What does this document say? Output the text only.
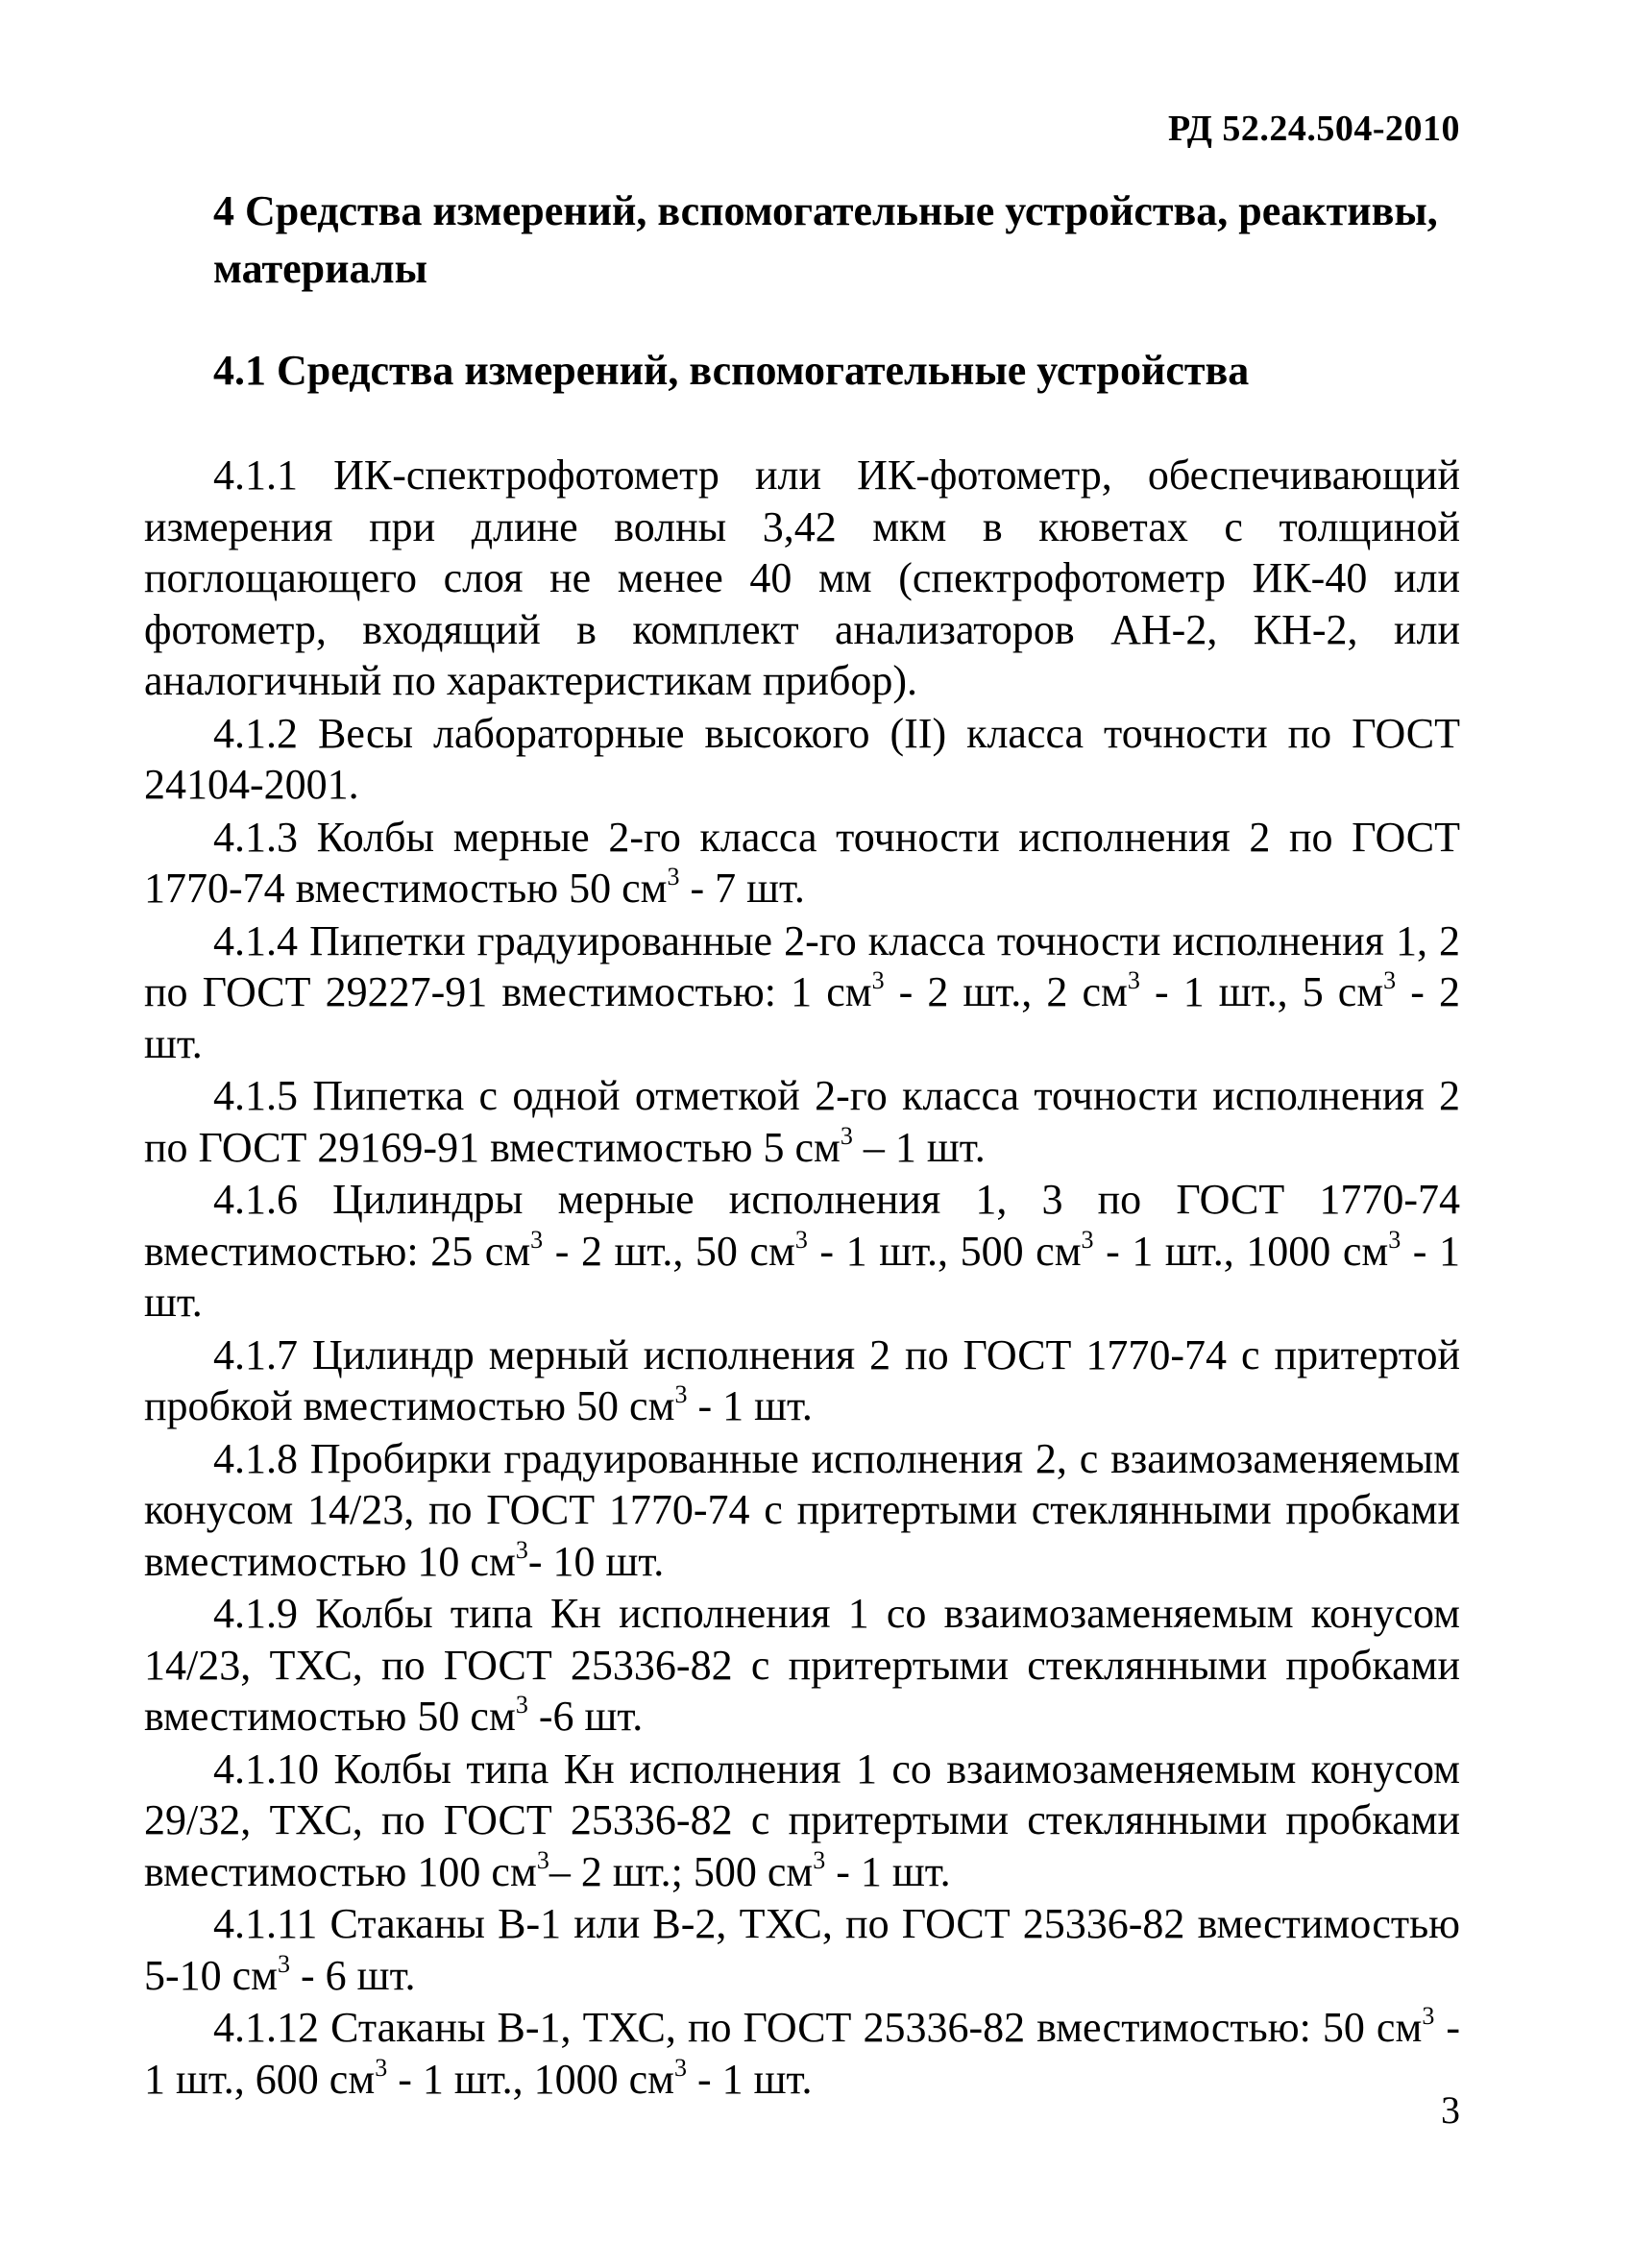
РД 52.24.504-2010
4 Средства измерений, вспомогательные устройства, реактивы, материалы
4.1 Средства измерений, вспомогательные устройства

4.1.1 ИК-спектрофотометр или ИК-фотометр, обеспечивающий измерения при длине волны 3,42 мкм в кюветах с толщиной поглощающего слоя не менее 40 мм (спектрофотометр ИК-40 или фотометр, входящий в комплект анализаторов АН-2, КН-2, или аналогичный по характеристикам прибор).

4.1.2 Весы лабораторные высокого (II) класса точности по ГОСТ 24104-2001.

4.1.3 Колбы мерные 2-го класса точности исполнения 2 по ГОСТ 1770-74 вместимостью 50 $см^3 - 7$ шт.

4.1.4 Пипетки градуированные 2-го класса точности исполнения 1, 2 по ГОСТ 29227-91 вместимостью: 1 $см^3 - 2$ шт., 2 $см^3 - 1$ шт., 5 $см^3 - 2$ шт.

4.1.5 Пипетка с одной отметкой 2-го класса точности исполнения 2 по ГОСТ 29169-91 вместимостью 5 $см^3 - 1$ шт.

4.1.6 Цилиндры мерные исполнения 1, 3 по ГОСТ 1770-74 вместимостью: 25 $см^3 - 2$ шт., 50 $см^3 - 1$ шт., 500 $см^3 - 1$ шт., 1000 $см^3 - 1$ шт.

4.1.7 Цилиндр мерный исполнения 2 по ГОСТ 1770-74 с притертой пробкой вместимостью 50 $см^3 - 1$ шт.

4.1.8 Пробирки градуированные исполнения 2, с взаимозаменяемым конусом 14/23, по ГОСТ 1770-74 с притертыми стеклянными пробками вместимостью 10 $см^3-$ 10 шт.

4.1.9 Колбы типа Кн исполнения 1 со взаимозаменяемым конусом 14/23, ТХС, по ГОСТ 25336-82 с притертыми стеклянными пробками вместимостью 50 $см^3$ -6 шт.

4.1.10 Колбы типа Кн исполнения 1 со взаимозаменяемым конусом 29/32, ТХС, по ГОСТ 25336-82 с притертыми стеклянными пробками вместимостью 100 $см^3-$ 2 шт.; 500 $см^3 - 1$ шт.

4.1.11 Стаканы В-1 или В-2, ТХС, по ГОСТ 25336-82 вместимостью 5-10 $см^3 - 6$ шт.

4.1.12 Стаканы В-1, ТХС, по ГОСТ 25336-82 вместимостью: 50 $см^3 - 1$ шт., 600 $см^3 - 1$ шт., 1000 $см^3 - 1$ шт.

3
